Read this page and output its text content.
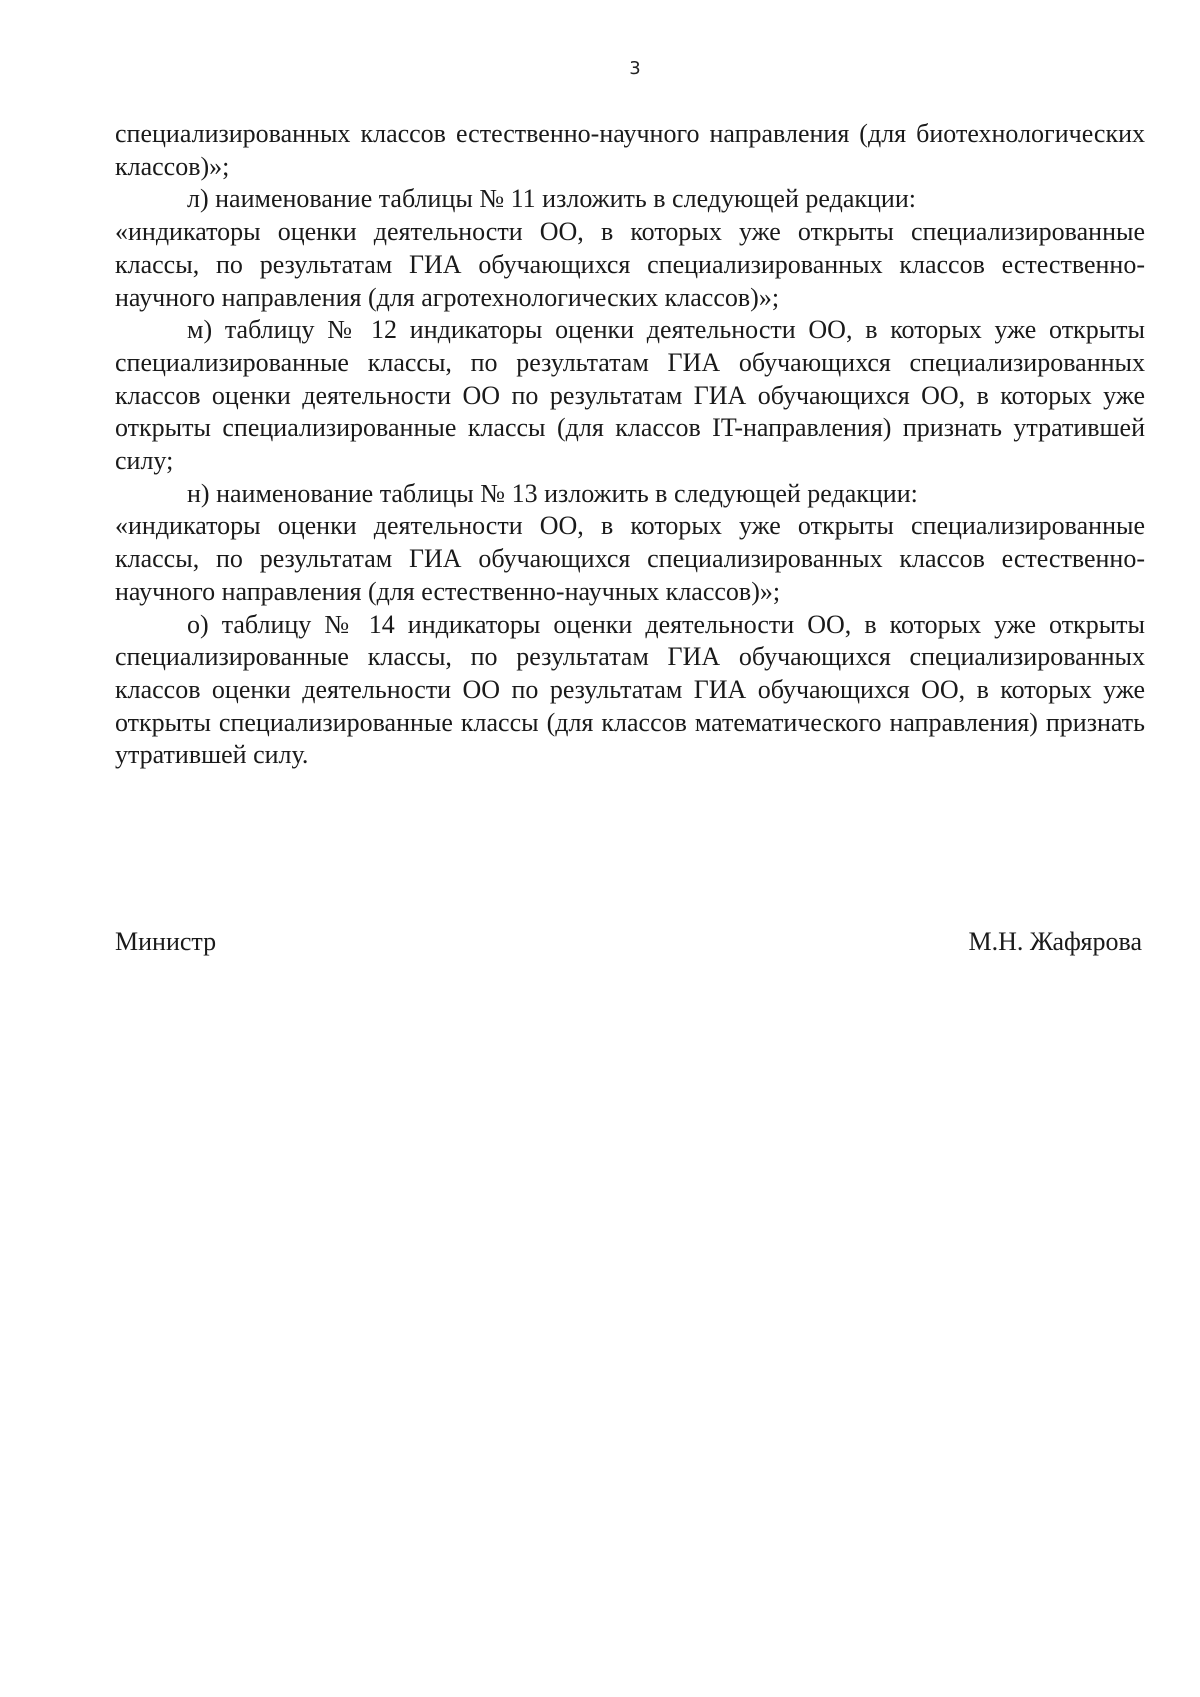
3

специализированных классов естественно-научного направления (для биотехнологических классов)»;

л) наименование таблицы № 11 изложить в следующей редакции:

«индикаторы оценки деятельности ОО, в которых уже открыты специализированные классы, по результатам ГИА обучающихся специализированных классов естественно-научного направления (для агротехнологических классов)»;

м) таблицу № 12 индикаторы оценки деятельности ОО, в которых уже открыты специализированные классы, по результатам ГИА обучающихся специализированных классов оценки деятельности ОО по результатам ГИА обучающихся ОО, в которых уже открыты специализированные классы (для классов IT-направления) признать утратившей силу;

н) наименование таблицы № 13 изложить в следующей редакции:

«индикаторы оценки деятельности ОО, в которых уже открыты специализированные классы, по результатам ГИА обучающихся специализированных классов естественно-научного направления (для естественно-научных классов)»;

о) таблицу № 14 индикаторы оценки деятельности ОО, в которых уже открыты специализированные классы, по результатам ГИА обучающихся специализированных классов оценки деятельности ОО по результатам ГИА обучающихся ОО, в которых уже открыты специализированные классы (для классов математического направления) признать утратившей силу.

Министр	М.Н. Жафярова
